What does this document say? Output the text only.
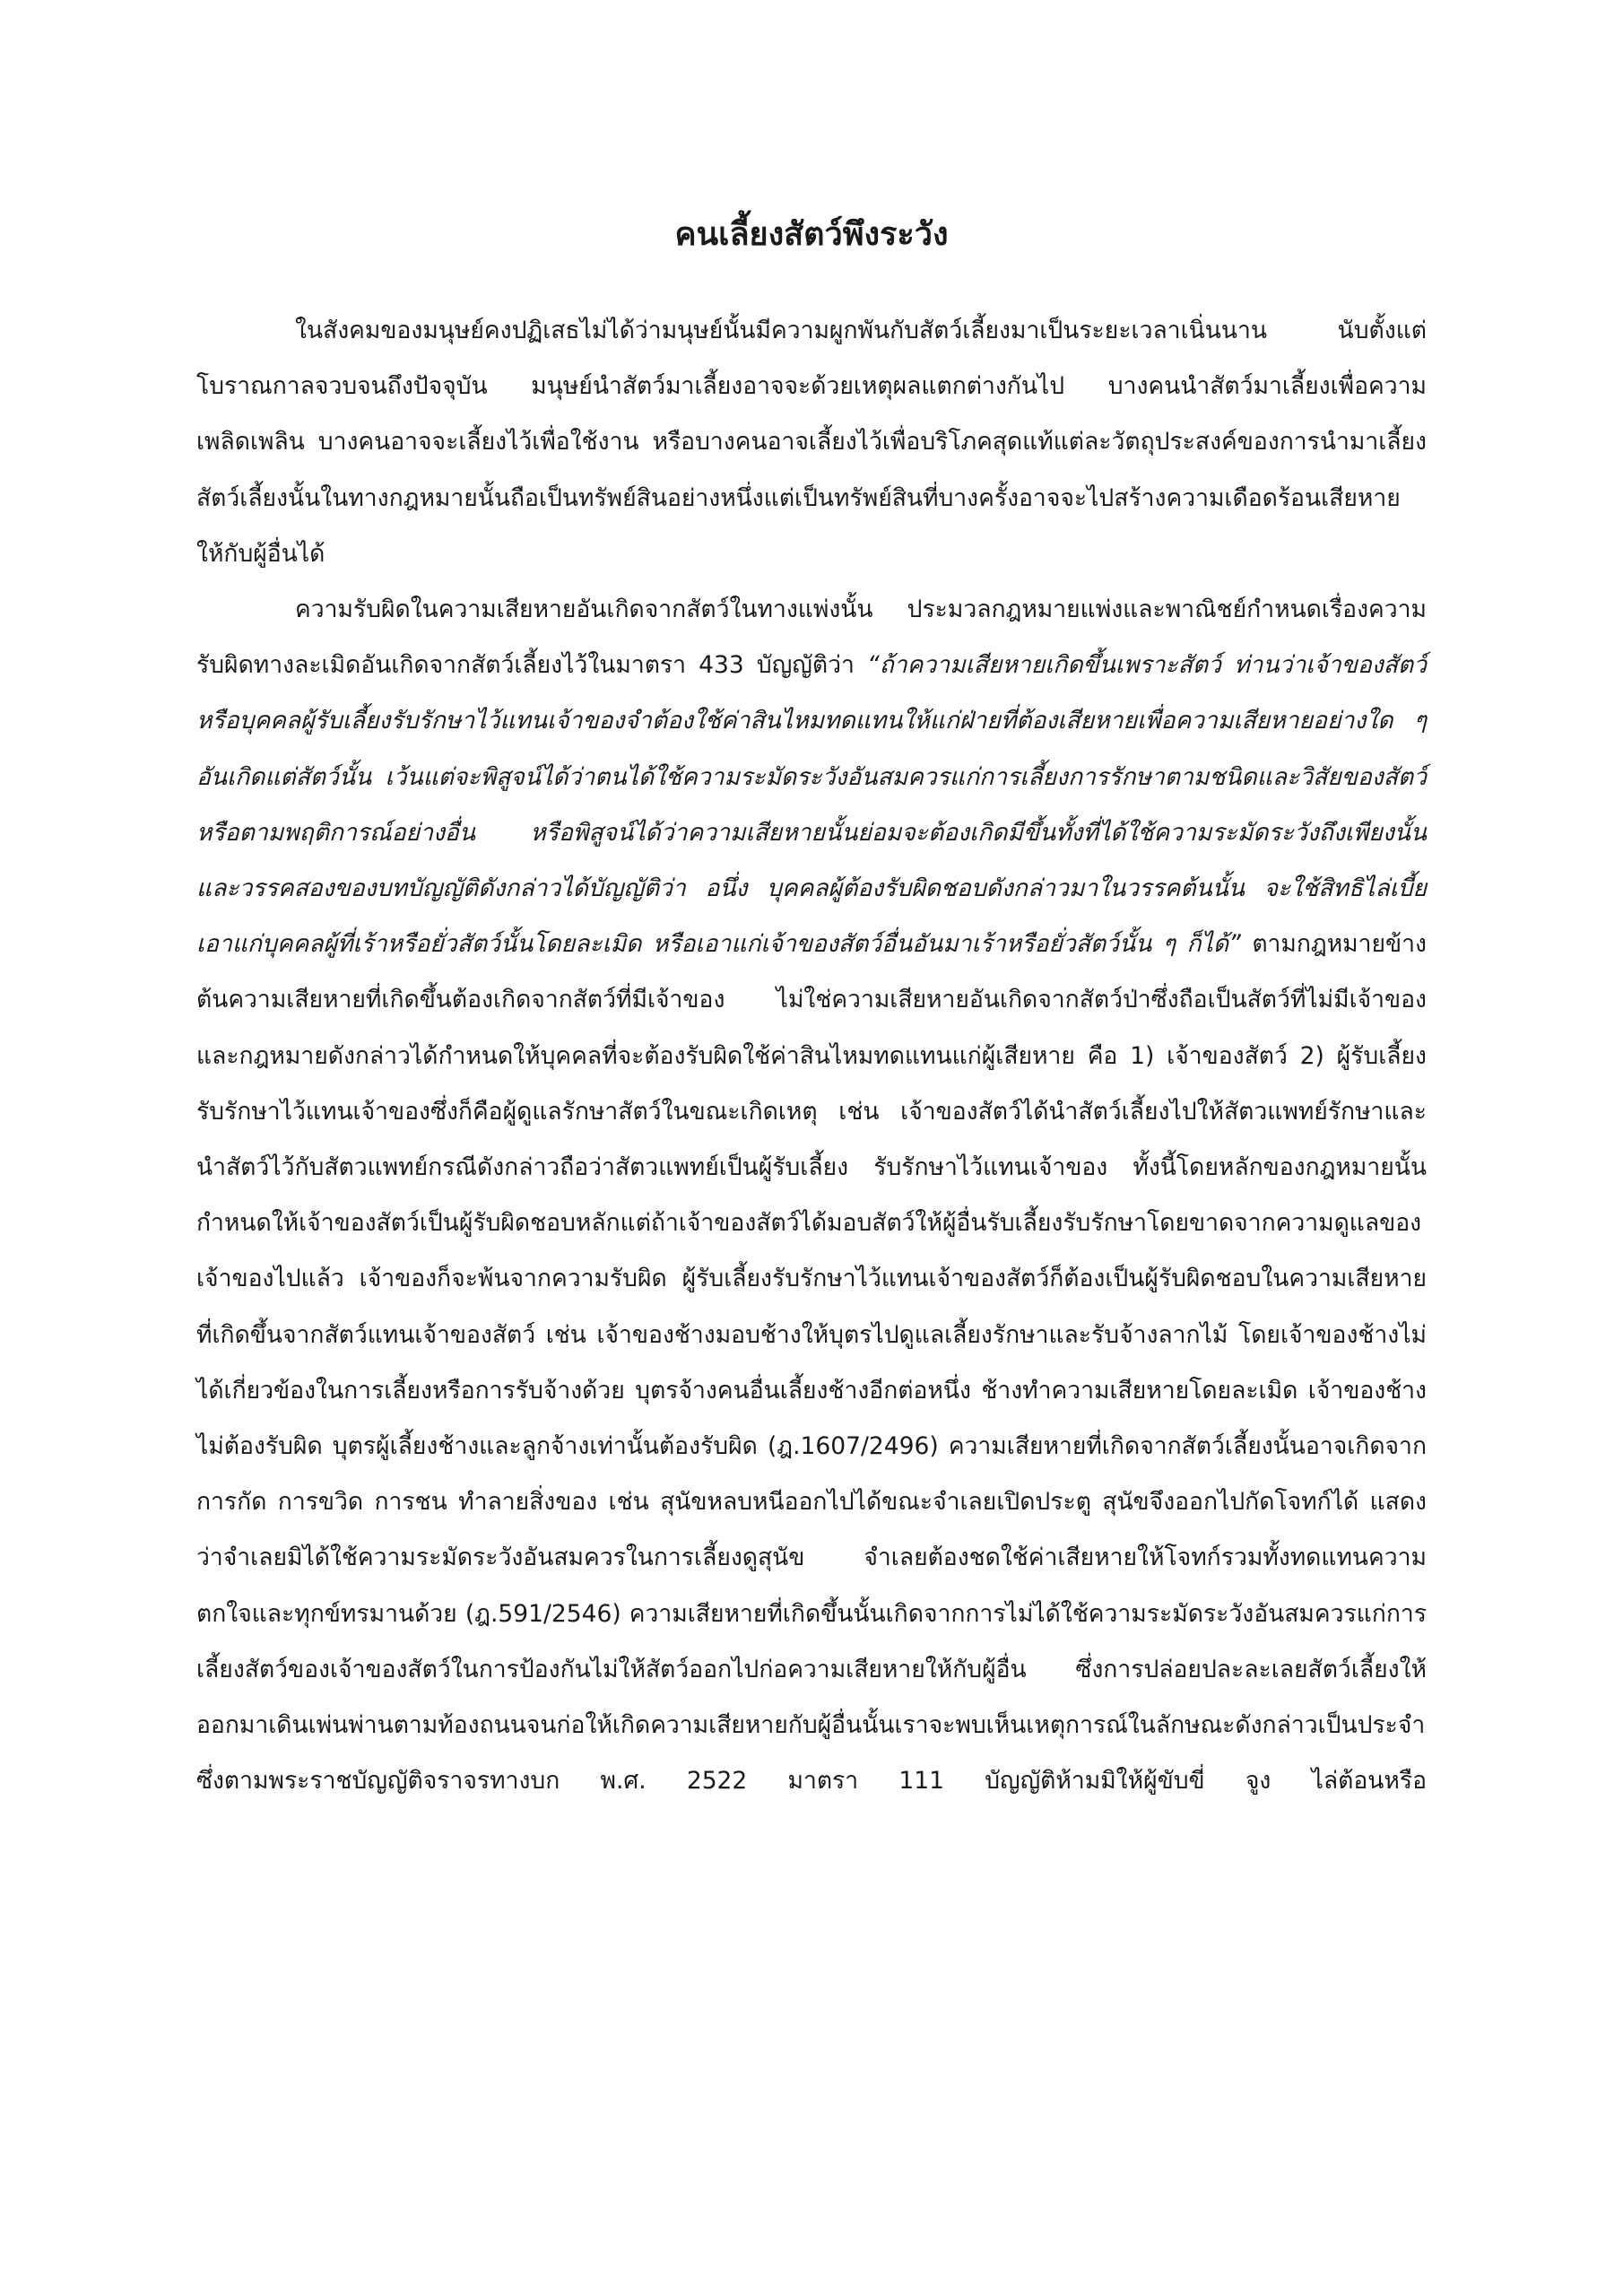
คนเลี้ยงสัตว์พึงระวัง

ในสังคมของมนุษย์คงปฏิเสธไม่ได้ว่ามนุษย์นั้นมีความผูกพันกับสัตว์เลี้ยงมาเป็นระยะเวลาเนิ่นนาน นับตั้งแต่โบราณกาลจวบจนถึงปัจจุบัน มนุษย์นำสัตว์มาเลี้ยงอาจจะด้วยเหตุผลแตกต่างกันไป บางคนนำสัตว์มาเลี้ยงเพื่อความเพลิดเพลิน บางคนอาจจะเลี้ยงไว้เพื่อใช้งาน หรือบางคนอาจเลี้ยงไว้เพื่อบริโภคสุดแท้แต่ละวัตถุประสงค์ของการนำมาเลี้ยง สัตว์เลี้ยงนั้นในทางกฎหมายนั้นถือเป็นทรัพย์สินอย่างหนึ่งแต่เป็นทรัพย์สินที่บางครั้งอาจจะไปสร้างความเดือดร้อนเสียหายให้กับผู้อื่นได้

ความรับผิดในความเสียหายอันเกิดจากสัตว์ในทางแพ่งนั้น ประมวลกฎหมายแพ่งและพาณิชย์กำหนดเรื่องความรับผิดทางละเมิดอันเกิดจากสัตว์เลี้ยงไว้ในมาตรา 433 บัญญัติว่า “ถ้าความเสียหายเกิดขึ้นเพราะสัตว์ ท่านว่าเจ้าของสัตว์หรือบุคคลผู้รับเลี้ยงรับรักษาไว้แทนเจ้าของจำต้องใช้ค่าสินไหมทดแทนให้แก่ฝ่ายที่ต้องเสียหายเพื่อความเสียหายอย่างใด ๆ อันเกิดแต่สัตว์นั้น เว้นแต่จะพิสูจน์ได้ว่าตนได้ใช้ความระมัดระวังอันสมควรแก่การเลี้ยงการรักษาตามชนิดและวิสัยของสัตว์ หรือตามพฤติการณ์อย่างอื่น หรือพิสูจน์ได้ว่าความเสียหายนั้นย่อมจะต้องเกิดมีขึ้นทั้งที่ได้ใช้ความระมัดระวังถึงเพียงนั้น และวรรคสองของบทบัญญัติดังกล่าวได้บัญญัติว่า อนึ่ง บุคคลผู้ต้องรับผิดชอบดังกล่าวมาในวรรคต้นนั้น จะใช้สิทธิไล่เบี้ยเอาแก่บุคคลผู้ที่เร้าหรือยั่วสัตว์นั้นโดยละเมิด หรือเอาแก่เจ้าของสัตว์อื่นอันมาเร้าหรือยั่วสัตว์นั้น ๆ ก็ได้” ตามกฎหมายข้างต้นความเสียหายที่เกิดขึ้นต้องเกิดจากสัตว์ที่มีเจ้าของ ไม่ใช่ความเสียหายอันเกิดจากสัตว์ป่าซึ่งถือเป็นสัตว์ที่ไม่มีเจ้าของ และกฎหมายดังกล่าวได้กำหนดให้บุคคลที่จะต้องรับผิดใช้ค่าสินไหมทดแทนแก่ผู้เสียหาย คือ 1) เจ้าของสัตว์ 2) ผู้รับเลี้ยงรับรักษาไว้แทนเจ้าของซึ่งก็คือผู้ดูแลรักษาสัตว์ในขณะเกิดเหตุ เช่น เจ้าของสัตว์ได้นำสัตว์เลี้ยงไปให้สัตวแพทย์รักษาและนำสัตว์ไว้กับสัตวแพทย์กรณีดังกล่าวถือว่าสัตวแพทย์เป็นผู้รับเลี้ยง รับรักษาไว้แทนเจ้าของ ทั้งนี้โดยหลักของกฎหมายนั้นกำหนดให้เจ้าของสัตว์เป็นผู้รับผิดชอบหลักแต่ถ้าเจ้าของสัตว์ได้มอบสัตว์ให้ผู้อื่นรับเลี้ยงรับรักษาโดยขาดจากความดูแลของเจ้าของไปแล้ว เจ้าของก็จะพ้นจากความรับผิด ผู้รับเลี้ยงรับรักษาไว้แทนเจ้าของสัตว์ก็ต้องเป็นผู้รับผิดชอบในความเสียหายที่เกิดขึ้นจากสัตว์แทนเจ้าของสัตว์ เช่น เจ้าของช้างมอบช้างให้บุตรไปดูแลเลี้ยงรักษาและรับจ้างลากไม้ โดยเจ้าของช้างไม่ได้เกี่ยวข้องในการเลี้ยงหรือการรับจ้างด้วย บุตรจ้างคนอื่นเลี้ยงช้างอีกต่อหนึ่ง ช้างทำความเสียหายโดยละเมิด เจ้าของช้างไม่ต้องรับผิด บุตรผู้เลี้ยงช้างและลูกจ้างเท่านั้นต้องรับผิด (ฎ.1607/2496) ความเสียหายที่เกิดจากสัตว์เลี้ยงนั้นอาจเกิดจากการกัด การขวิด การชน ทำลายสิ่งของ เช่น สุนัขหลบหนีออกไปได้ขณะจำเลยเปิดประตู สุนัขจึงออกไปกัดโจทก์ได้ แสดงว่าจำเลยมิได้ใช้ความระมัดระวังอันสมควรในการเลี้ยงดูสุนัข จำเลยต้องชดใช้ค่าเสียหายให้โจทก์รวมทั้งทดแทนความตกใจและทุกข์ทรมานด้วย (ฎ.591/2546) ความเสียหายที่เกิดขึ้นนั้นเกิดจากการไม่ได้ใช้ความระมัดระวังอันสมควรแก่การเลี้ยงสัตว์ของเจ้าของสัตว์ในการป้องกันไม่ให้สัตว์ออกไปก่อความเสียหายให้กับผู้อื่น ซึ่งการปล่อยปละละเลยสัตว์เลี้ยงให้ออกมาเดินเพ่นพ่านตามท้องถนนจนก่อให้เกิดความเสียหายกับผู้อื่นนั้นเราจะพบเห็นเหตุการณ์ในลักษณะดังกล่าวเป็นประจำ ซึ่งตามพระราชบัญญัติจราจรทางบก พ.ศ. 2522 มาตรา 111 บัญญัติห้ามมิให้ผู้ขับขี่ จูง ไล่ต้อนหรือ
